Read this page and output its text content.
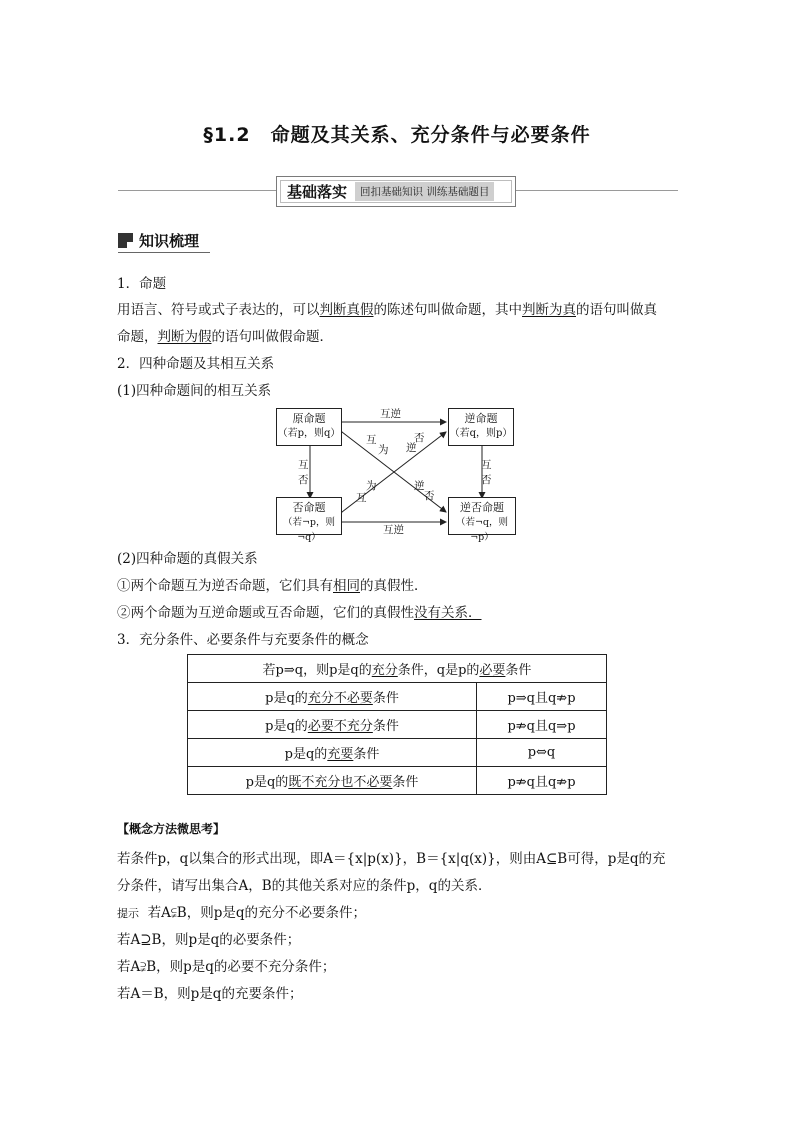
§1.2　命题及其关系、充分条件与必要条件
基础落实	回扣基础知识 训练基础题目
知识梳理
1．命题
用语言、符号或式子表达的，可以判断真假的陈述句叫做命题，其中判断为真的语句叫做真
命题，判断为假的语句叫做假命题．
2．四种命题及其相互关系
(1)四种命题间的相互关系
原命题
（若p，则q）
逆命题
（若q，则p）
否命题
（若¬p，则¬q）
逆否命题
（若¬q，则¬p）
互逆
互逆
互
否
互
否
互
为 逆
否
互
为	逆
否
(2)四种命题的真假关系
①两个命题互为逆否命题，它们具有相同的真假性．
②两个命题为互逆命题或互否命题，它们的真假性没有关系．
3．充分条件、必要条件与充要条件的概念
若p⇒q，则p是q的充分条件，q是p的必要条件	
p是q的充分不必要条件	p⇒q且q⇏p
p是q的必要不充分条件	p⇏q且q⇒p
p是q的充要条件	p⇔q
p是q的既不充分也不必要条件	p⇏q且q⇏p
【概念方法微思考】
若条件p，q以集合的形式出现，即A＝{x|p(x)}，B＝{x|q(x)}，则由A⊆B可得，p是q的充
分条件，请写出集合A，B的其他关系对应的条件p，q的关系．
提示 若A⫋B，则p是q的充分不必要条件；
若A⊇B，则p是q的必要条件；
若A⫌B，则p是q的必要不充分条件；
若A＝B，则p是q的充要条件；
